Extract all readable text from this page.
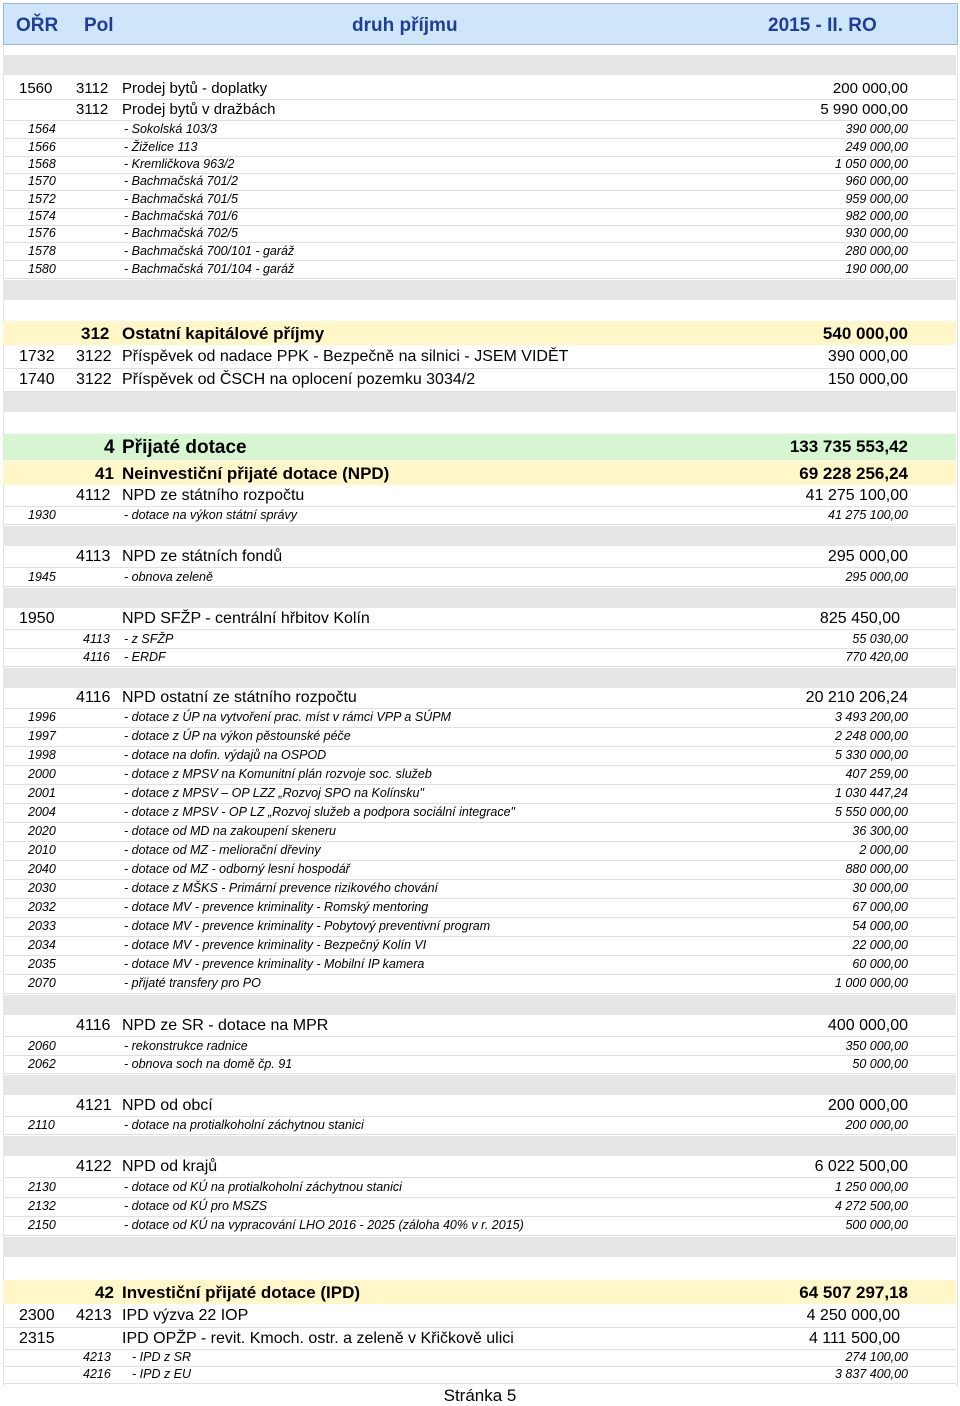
OŘR Pol	druh příjmu	2015 - II. RO
1560 3112 Prodej bytů - doplatky	200 000,00
3112 Prodej bytů v dražbách	5 990 000,00
1564	- Sokolská 103/3	390 000,00
1566	- Žiželice 113	249 000,00
1568	- Kremličkova 963/2	1 050 000,00
1570	- Bachmačská 701/2	960 000,00
1572	- Bachmačská 701/5	959 000,00
1574	- Bachmačská 701/6	982 000,00
1576	- Bachmačská 702/5	930 000,00
1578	- Bachmačská 700/101 - garáž	280 000,00
1580	- Bachmačská 701/104 - garáž	190 000,00
312 Ostatní kapitálové příjmy	540 000,00
1732 3122 Příspěvek od nadace PPK - Bezpečně na silnici - JSEM VIDĚT	390 000,00
1740 3122 Příspěvek od ČSCH na oplocení pozemku 3034/2	150 000,00
4 Přijaté dotace	133 735 553,42
41 Neinvestiční přijaté dotace (NPD)	69 228 256,24
4112 NPD ze státního rozpočtu	41 275 100,00
1930	- dotace na výkon státní správy	41 275 100,00
4113 NPD ze státních fondů	295 000,00
1945	- obnova zeleně	295 000,00
1950	NPD SFŽP - centrální hřbitov Kolín	825 450,00
4113 - z SFŽP	55 030,00
4116 - ERDF	770 420,00
4116 NPD ostatní ze státního rozpočtu	20 210 206,24
1996	- dotace z ÚP na vytvoření prac. míst v rámci VPP a SÚPM	3 493 200,00
1997	- dotace z ÚP na výkon pěstounské péče	2 248 000,00
1998	- dotace na dofin. výdajů na OSPOD	5 330 000,00
2000	- dotace z MPSV na Komunitní plán rozvoje soc. služeb	407 259,00
2001	- dotace z MPSV – OP LZZ „Rozvoj SPO na Kolínsku"	1 030 447,24
2004	- dotace z MPSV - OP LZ „Rozvoj služeb a podpora sociální integrace"	5 550 000,00
2020	- dotace od MD na zakoupení skeneru	36 300,00
2010	- dotace od MZ - meliorační dřeviny	2 000,00
2040	- dotace od MZ - odborný lesní hospodář	880 000,00
2030	- dotace z MŠKS - Primární prevence rizikového chování	30 000,00
2032	- dotace MV - prevence kriminality - Romský mentoring	67 000,00
2033	- dotace MV - prevence kriminality - Pobytový preventivní program	54 000,00
2034	- dotace MV - prevence kriminality - Bezpečný Kolín VI	22 000,00
2035	- dotace MV - prevence kriminality - Mobilní IP kamera	60 000,00
2070	- přijaté transfery pro PO	1 000 000,00
4116 NPD ze SR - dotace na MPR	400 000,00
2060	- rekonstrukce radnice	350 000,00
2062	- obnova soch na domě čp. 91	50 000,00
4121 NPD od obcí	200 000,00
2110	- dotace na protialkoholní záchytnou stanici	200 000,00
4122 NPD od krajů	6 022 500,00
2130	- dotace od KÚ na protialkoholní záchytnou stanici	1 250 000,00
2132	- dotace od KÚ pro MSZS	4 272 500,00
2150	- dotace od KÚ na vypracování LHO 2016 - 2025 (záloha 40% v r. 2015)	500 000,00
42 Investiční přijaté dotace (IPD)	64 507 297,18
2300 4213 IPD výzva 22 IOP	4 250 000,00
2315	IPD OPŽP - revit. Kmoch. ostr. a zeleně v Křičkově ulici	4 111 500,00
4213 - IPD z SR	274 100,00
4216 - IPD z EU	3 837 400,00
Stránka 5
